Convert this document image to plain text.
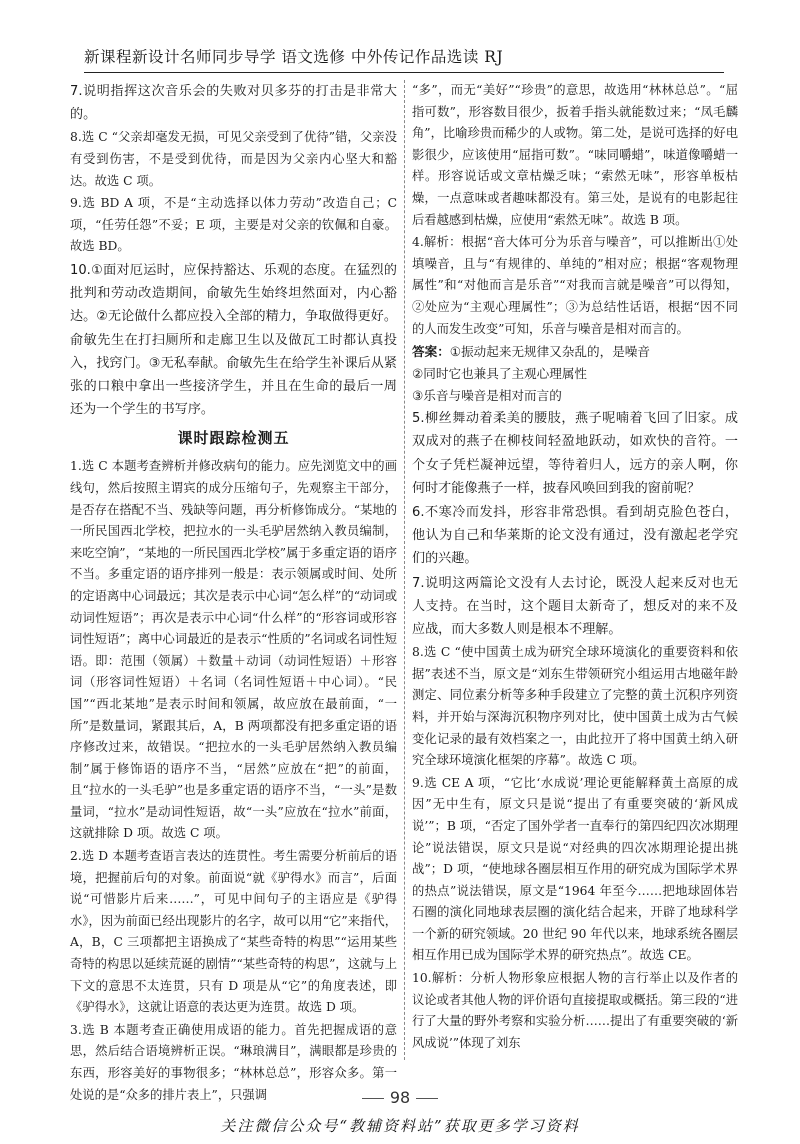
新课程新设计名师同步导学 语文选修 中外传记作品选读 RJ

7.说明指挥这次音乐会的失败对贝多芬的打击是非常大的。

8.选 C “父亲却毫发无损，可见父亲受到了优待”错，父亲没有受到伤害，不是受到优待，而是因为父亲内心坚大和豁达。故选 C 项。

9.选 BD A 项，不是“主动选择以体力劳动”改造自己；C 项，“任劳任怨”不妥；E 项，主要是对父亲的钦佩和自豪。故选 BD。

10.①面对厄运时，应保持豁达、乐观的态度。在猛烈的批判和劳动改造期间，俞敏先生始终坦然面对，内心豁达。②无论做什么都应投入全部的精力，争取做得更好。俞敏先生在打扫厕所和走廊卫生以及做瓦工时都认真投入，找窍门。③无私奉献。俞敏先生在给学生补课后从紧张的口粮中拿出一些接济学生，并且在生命的最后一周还为一个学生的书写序。

课时跟踪检测五

1.选 C 本题考查辨析并修改病句的能力。应先浏览文中的画线句，然后按照主谓宾的成分压缩句子，先观察主干部分，是否存在搭配不当、残缺等问题，再分析修饰成分。“某地的一所民国西北学校，把拉水的一头毛驴居然纳入教员编制，来吃空饷”，“某地的一所民国西北学校”属于多重定语的语序不当。多重定语的语序排列一般是：表示领属或时间、处所的定语离中心词最远；其次是表示中心词“怎么样”的“动词或动词性短语”；再次是表示中心词“什么样”的“形容词或形容词性短语”；离中心词最近的是表示“性质的”名词或名词性短语。即：范围（领属）＋数量＋动词（动词性短语）＋形容词（形容词性短语）＋名词（名词性短语＋中心词）。“民国”“西北某地”是表示时间和领属，故应放在最前面，“一所”是数量词，紧跟其后，A，B 两项都没有把多重定语的语序修改过来，故错误。“把拉水的一头毛驴居然纳入教员编制”属于修饰语的语序不当，“居然”应放在“把”的前面，且“拉水的一头毛驴”也是多重定语的语序不当，“一头”是数量词，“拉水”是动词性短语，故“一头”应放在“拉水”前面，这就排除 D 项。故选 C 项。

2.选 D 本题考查语言表达的连贯性。考生需要分析前后的语境，把握前后句的对象。前面说“就《驴得水》而言”，后面说“可惜影片后来……”，可见中间句子的主语应是《驴得水》，因为前面已经出现影片的名字，故可以用“它”来指代，A，B，C 三项都把主语换成了“某些奇特的构思”“运用某些奇特的构思以延续荒诞的剧情”“某些奇特的构思”，这就与上下文的意思不太连贯，只有 D 项是从“它”的角度表述，即《驴得水》，这就让语意的表达更为连贯。故选 D 项。

3.选 B 本题考查正确使用成语的能力。首先把握成语的意思，然后结合语境辨析正误。“琳琅满目”，满眼都是珍贵的东西，形容美好的事物很多；“林林总总”，形容众多。第一处说的是“众多的排片表上”，只强调

“多”，而无“美好”“珍贵”的意思，故选用“林林总总”。“屈指可数”，形容数目很少，扳着手指头就能数过来；“凤毛麟角”，比喻珍贵而稀少的人或物。第二处，是说可选择的好电影很少，应该使用“屈指可数”。“味同嚼蜡”，味道像嚼蜡一样。形容说话或文章枯燥乏味；“索然无味”，形容单板枯燥，一点意味或者趣味都没有。第三处，是说有的电影起往后看越感到枯燥，应使用“索然无味”。故选 B 项。

4.解析：根据“音大体可分为乐音与噪音”，可以推断出①处填噪音，且与“有规律的、单纯的”相对应；根据“客观物理属性”和“对他而言是乐音”“对我而言就是噪音”可以得知，②处应为“主观心理属性”；③为总结性话语，根据“因不同的人而发生改变”可知，乐音与噪音是相对而言的。

答案：①振动起来无规律又杂乱的，是噪音

②同时它也兼具了主观心理属性

③乐音与噪音是相对而言的

5.柳丝舞动着柔美的腰肢，燕子呢喃着飞回了旧家。成双成对的燕子在柳枝间轻盈地跃动，如欢快的音符。一个女子凭栏凝神远望，等待着归人，远方的亲人啊，你何时才能像燕子一样，披春风唤回到我的窗前呢？

6.不寒冷而发抖，形容非常恐惧。看到胡克脸色苍白，他认为自己和华莱斯的论文没有通过，没有激起老学究们的兴趣。

7.说明这两篇论文没有人去讨论，既没人起来反对也无人支持。在当时，这个题目太新奇了，想反对的来不及应战，而大多数人则是根本不理解。

8.选 C “使中国黄土成为研究全球环境演化的重要资料和依据”表述不当，原文是“刘东生带领研究小组运用古地磁年龄测定、同位素分析等多种手段建立了完整的黄土沉积序列资料，并开始与深海沉积物序列对比，使中国黄土成为古气候变化记录的最有效档案之一，由此拉开了将中国黄土纳入研究全球环境演化框架的序幕”。故选 C 项。

9.选 CE A 项，“它比‘水成说’理论更能解释黄土高原的成因”无中生有，原文只是说“提出了有重要突破的‘新风成说’”；B 项，“否定了国外学者一直奉行的第四纪四次冰期理论”说法错误，原文只是说“对经典的四次冰期理论提出挑战”；D 项，“使地球各圈层相互作用的研究成为国际学术界的热点”说法错误，原文是“1964 年至今……把地球固体岩石圈的演化同地球表层圈的演化结合起来，开辟了地球科学一个新的研究领域。20 世纪 90 年代以来，地球系统各圈层相互作用已成为国际学术界的研究热点”。故选 CE。

10.解析：分析人物形象应根据人物的言行举止以及作者的议论或者其他人物的评价语句直接提取或概括。第三段的“进行了大量的野外考察和实验分析……提出了有重要突破的‘新风成说’”体现了刘东

98
关注微信公众号“教辅资料站”获取更多学习资料
